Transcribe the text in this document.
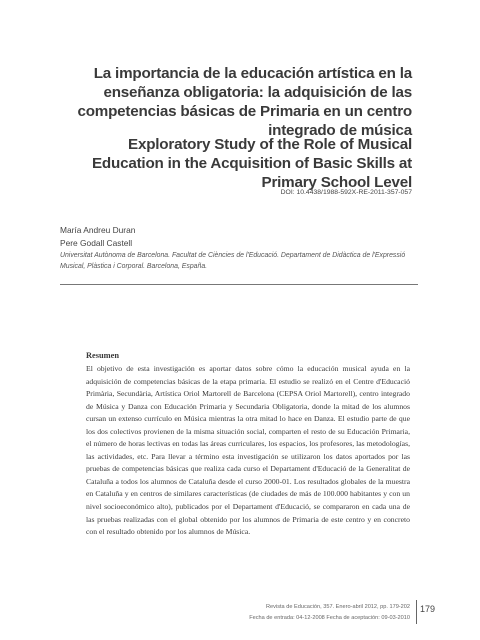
La importancia de la educación artística en la enseñanza obligatoria: la adquisición de las competencias básicas de Primaria en un centro integrado de música
Exploratory Study of the Role of Musical Education in the Acquisition of Basic Skills at Primary School Level
DOI: 10.4438/1988-592X-RE-2011-357-057
María Andreu Duran
Pere Godall Castell
Universitat Autònoma de Barcelona. Facultat de Ciències de l'Educació. Departament de Didàctica de l'Expressió Musical, Plàstica i Corporal. Barcelona, España.
Resumen

El objetivo de esta investigación es aportar datos sobre cómo la educación musical ayuda en la adquisición de competencias básicas de la etapa primaria. El estudio se realizó en el Centre d'Educació Primària, Secundària, Artística Oriol Martorell de Barcelona (CEPSA Oriol Martorell), centro integrado de Música y Danza con Educación Primaria y Secundaria Obligatoria, donde la mitad de los alumnos cursan un extenso currículo en Música mientras la otra mitad lo hace en Danza. El estudio parte de que los dos colectivos provienen de la misma situación social, comparten el resto de su Educación Primaria, el número de horas lectivas en todas las áreas curriculares, los espacios, los profesores, las metodologías, las actividades, etc. Para llevar a término esta investigación se utilizaron los datos aportados por las pruebas de competencias básicas que realiza cada curso el Departament d'Educació de la Generalitat de Cataluña a todos los alumnos de Cataluña desde el curso 2000-01. Los resultados globales de la muestra en Cataluña y en centros de similares características (de ciudades de más de 100.000 habitantes y con un nivel socioeconómico alto), publicados por el Departament d'Educació, se compararon en cada una de las pruebas realizadas con el global obtenido por los alumnos de Primaria de este centro y en concreto con el resultado obtenido por los alumnos de Música.

Revista de Educación, 357. Enero-abril 2012, pp. 179-202
Fecha de entrada: 04-12-2008 Fecha de aceptación: 09-03-2010
179
